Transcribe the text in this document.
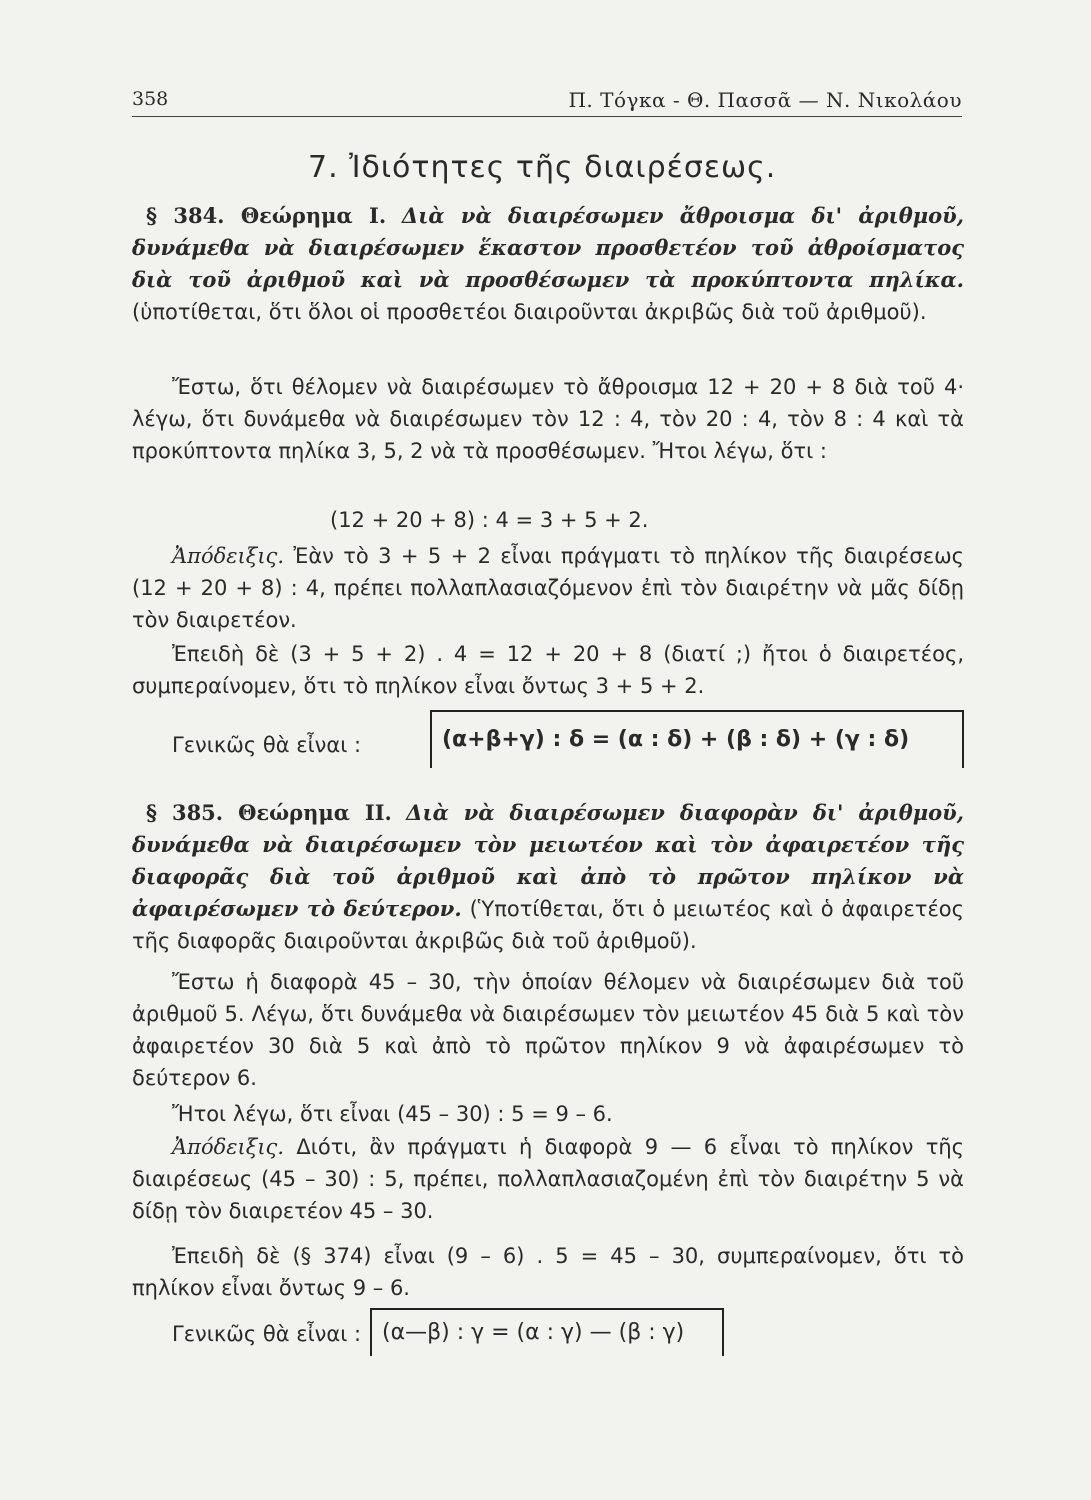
358	Π. Τόγκα - Θ. Πασσᾶ — Ν. Νικολάου
7. Ἰδιότητες τῆς διαιρέσεως.
§ 384. Θεώρημα I. Διὰ νὰ διαιρέσωμεν ἄθροισμα δι' ἀριθμοῦ, δυνάμεθα νὰ διαιρέσωμεν ἕκαστον προσθετέον τοῦ ἀθροίσματος διὰ τοῦ ἀριθμοῦ καὶ νὰ προσθέσωμεν τὰ προκύπτοντα πηλίκα. (ὑποτίθεται, ὅτι ὅλοι οἱ προσθετέοι διαιροῦνται ἀκριβῶς διὰ τοῦ ἀριθμοῦ).
Ἔστω, ὅτι θέλομεν νὰ διαιρέσωμεν τὸ ἄθροισμα 12 + 20 + 8 διὰ τοῦ 4· λέγω, ὅτι δυνάμεθα νὰ διαιρέσωμεν τὸν 12 : 4, τὸν 20 : 4, τὸν 8 : 4 καὶ τὰ προκύπτοντα πηλίκα 3, 5, 2 νὰ τὰ προσθέσωμεν. Ἤτοι λέγω, ὅτι :
(12 + 20 + 8) : 4 = 3 + 5 + 2.
Ἀπόδειξις. Ἐὰν τὸ 3 + 5 + 2 εἶναι πράγματι τὸ πηλίκον τῆς διαιρέσεως (12 + 20 + 8) : 4, πρέπει πολλαπλασιαζόμενον ἐπὶ τὸν διαιρέτην νὰ μᾶς δίδῃ τὸν διαιρετέον.
Ἐπειδὴ δὲ (3 + 5 + 2) . 4 = 12 + 20 + 8 (διατί ;) ἤτοι ὁ διαιρετέος, συμπεραίνομεν, ὅτι τὸ πηλίκον εἶναι ὄντως 3 + 5 + 2.
Γενικῶς θὰ εἶναι :	(α+β+γ) : δ = (α : δ) + (β : δ) + (γ : δ)
§ 385. Θεώρημα II. Διὰ νὰ διαιρέσωμεν διαφορὰν δι' ἀριθμοῦ, δυνάμεθα νὰ διαιρέσωμεν τὸν μειωτέον καὶ τὸν ἀφαιρετέον τῆς διαφορᾶς διὰ τοῦ ἀριθμοῦ καὶ ἀπὸ τὸ πρῶτον πηλίκον νὰ ἀφαιρέσωμεν τὸ δεύτερον. (Ὑποτίθεται, ὅτι ὁ μειωτέος καὶ ὁ ἀφαιρετέος τῆς διαφορᾶς διαιροῦνται ἀκριβῶς διὰ τοῦ ἀριθμοῦ).
Ἔστω ἡ διαφορὰ 45 – 30, τὴν ὁποίαν θέλομεν νὰ διαιρέσωμεν διὰ τοῦ ἀριθμοῦ 5. Λέγω, ὅτι δυνάμεθα νὰ διαιρέσωμεν τὸν μειωτέον 45 διὰ 5 καὶ τὸν ἀφαιρετέον 30 διὰ 5 καὶ ἀπὸ τὸ πρῶτον πηλίκον 9 νὰ ἀφαιρέσωμεν τὸ δεύτερον 6.
Ἤτοι λέγω, ὅτι εἶναι (45 – 30) : 5 = 9 – 6.
Ἀπόδειξις. Διότι, ἂν πράγματι ἡ διαφορὰ 9 — 6 εἶναι τὸ πηλίκον τῆς διαιρέσεως (45 – 30) : 5, πρέπει, πολλαπλασιαζομένη ἐπὶ τὸν διαιρέτην 5 νὰ δίδῃ τὸν διαιρετέον 45 – 30.
Ἐπειδὴ δὲ (§ 374) εἶναι (9 – 6) . 5 = 45 – 30, συμπεραίνομεν, ὅτι τὸ πηλίκον εἶναι ὄντως 9 – 6.
Γενικῶς θὰ εἶναι : (α—β) : γ = (α : γ) — (β : γ)
